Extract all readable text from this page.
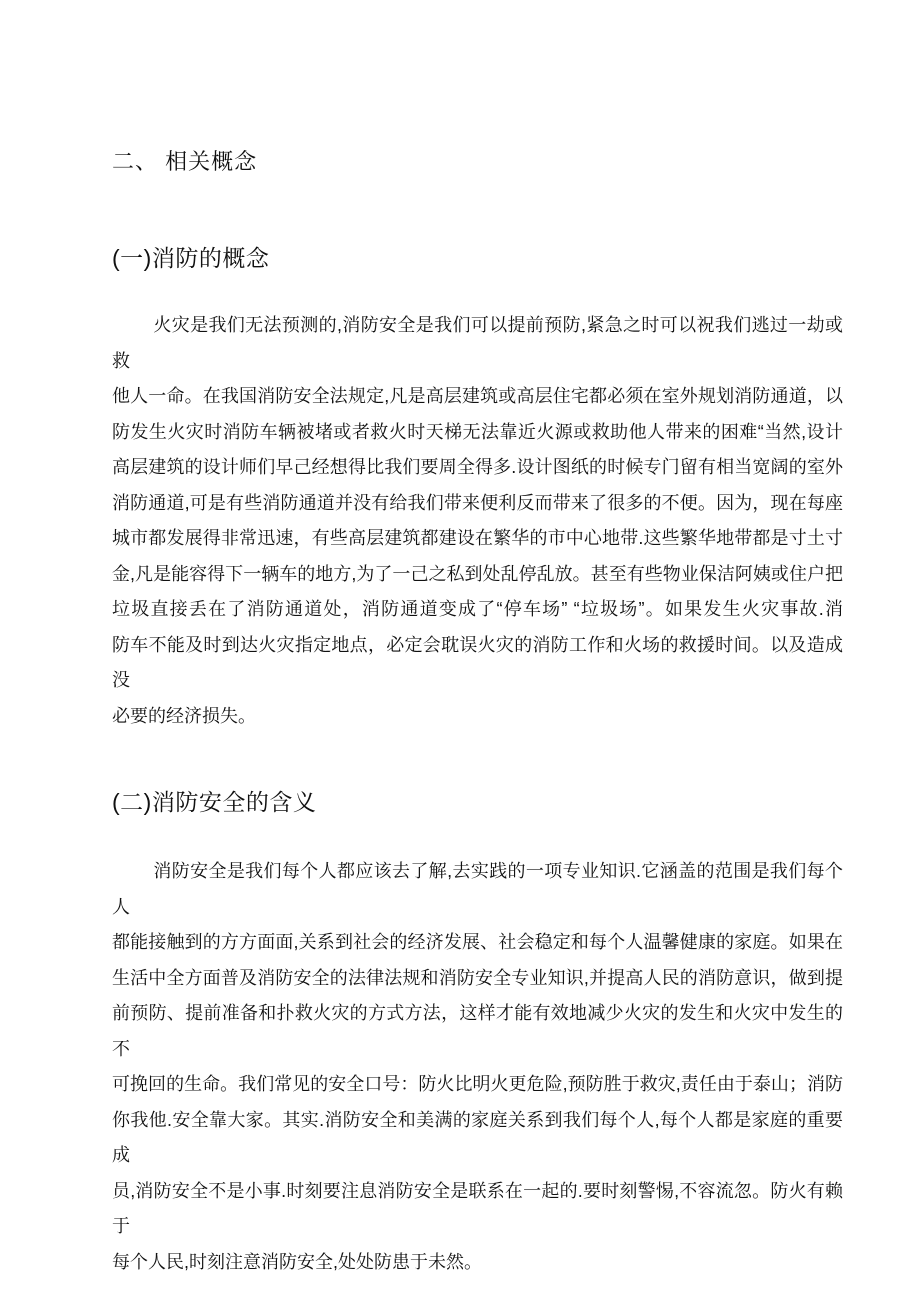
二、 相关概念
(一)消防的概念
火灾是我们无法预测的,消防安全是我们可以提前预防,紧急之时可以祝我们逃过一劫或救
他人一命。在我国消防安全法规定,凡是高层建筑或高层住宅都必须在室外规划消防通道，以
防发生火灾时消防车辆被堵或者救火时天梯无法靠近火源或救助他人带来的困难“当然,设计
高层建筑的设计师们早己经想得比我们要周全得多.设计图纸的时候专门留有相当宽阔的室外
消防通道,可是有些消防通道并没有给我们带来便利反而带来了很多的不便。因为，现在每座
城市都发展得非常迅速，有些高层建筑都建设在繁华的市中心地带.这些繁华地带都是寸土寸
金,凡是能容得下一辆车的地方,为了一己之私到处乱停乱放。甚至有些物业保洁阿姨或住户把
垃圾直接丢在了消防通道处，消防通道变成了“停车场” “垃圾场”。如果发生火灾事故.消
防车不能及时到达火灾指定地点，必定会耽误火灾的消防工作和火场的救援时间。以及造成没
必要的经济损失。
(二)消防安全的含义
消防安全是我们每个人都应该去了解,去实践的一项专业知识.它涵盖的范围是我们每个人
都能接触到的方方面面,关系到社会的经济发展、社会稳定和每个人温馨健康的家庭。如果在
生活中全方面普及消防安全的法律法规和消防安全专业知识,并提高人民的消防意识，做到提
前预防、提前准备和扑救火灾的方式方法，这样才能有效地减少火灾的发生和火灾中发生的不
可挽回的生命。我们常见的安全口号：防火比明火更危险,预防胜于救灾,责任由于泰山；消防
你我他.安全靠大家。其实.消防安全和美满的家庭关系到我们每个人,每个人都是家庭的重要成
员,消防安全不是小事.时刻要注息消防安全是联系在一起的.要时刻警惕,不容流忽。防火有赖于
每个人民,时刻注意消防安全,处处防患于未然。
